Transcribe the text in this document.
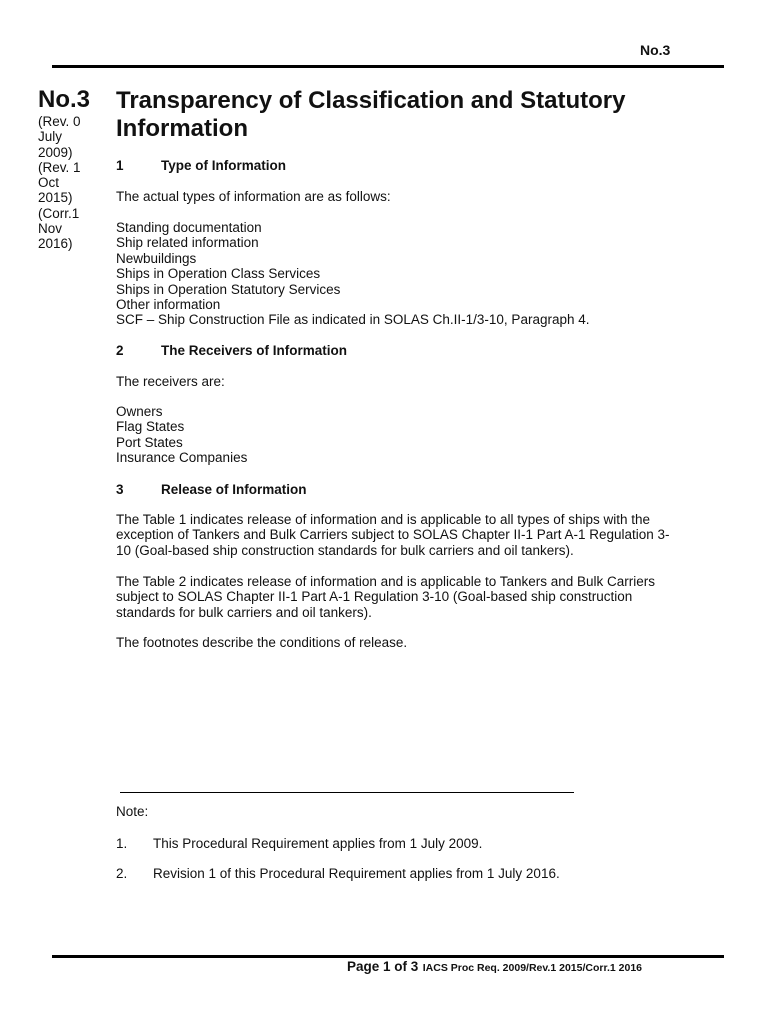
No.3
No.3
(Rev. 0
July
2009)
(Rev. 1
Oct
2015)
(Corr.1
Nov
2016)
Transparency of Classification and Statutory Information
1	Type of Information
The actual types of information are as follows:
Standing documentation
Ship related information
Newbuildings
Ships in Operation Class Services
Ships in Operation Statutory Services
Other information
SCF – Ship Construction File as indicated in SOLAS Ch.II-1/3-10, Paragraph 4.
2	The Receivers of Information
The receivers are:
Owners
Flag States
Port States
Insurance Companies
3	Release of Information
The Table 1 indicates release of information and is applicable to all types of ships with the
exception of Tankers and Bulk Carriers subject to SOLAS Chapter II-1 Part A-1 Regulation 3-
10 (Goal-based ship construction standards for bulk carriers and oil tankers).
The Table 2 indicates release of information and is applicable to Tankers and Bulk Carriers
subject to SOLAS Chapter II-1 Part A-1 Regulation 3-10 (Goal-based ship construction
standards for bulk carriers and oil tankers).
The footnotes describe the conditions of release.
Note:
1. This Procedural Requirement applies from 1 July 2009.
2. Revision 1 of this Procedural Requirement applies from 1 July 2016.
Page 1 of 3 IACS Proc Req. 2009/Rev.1 2015/Corr.1 2016
